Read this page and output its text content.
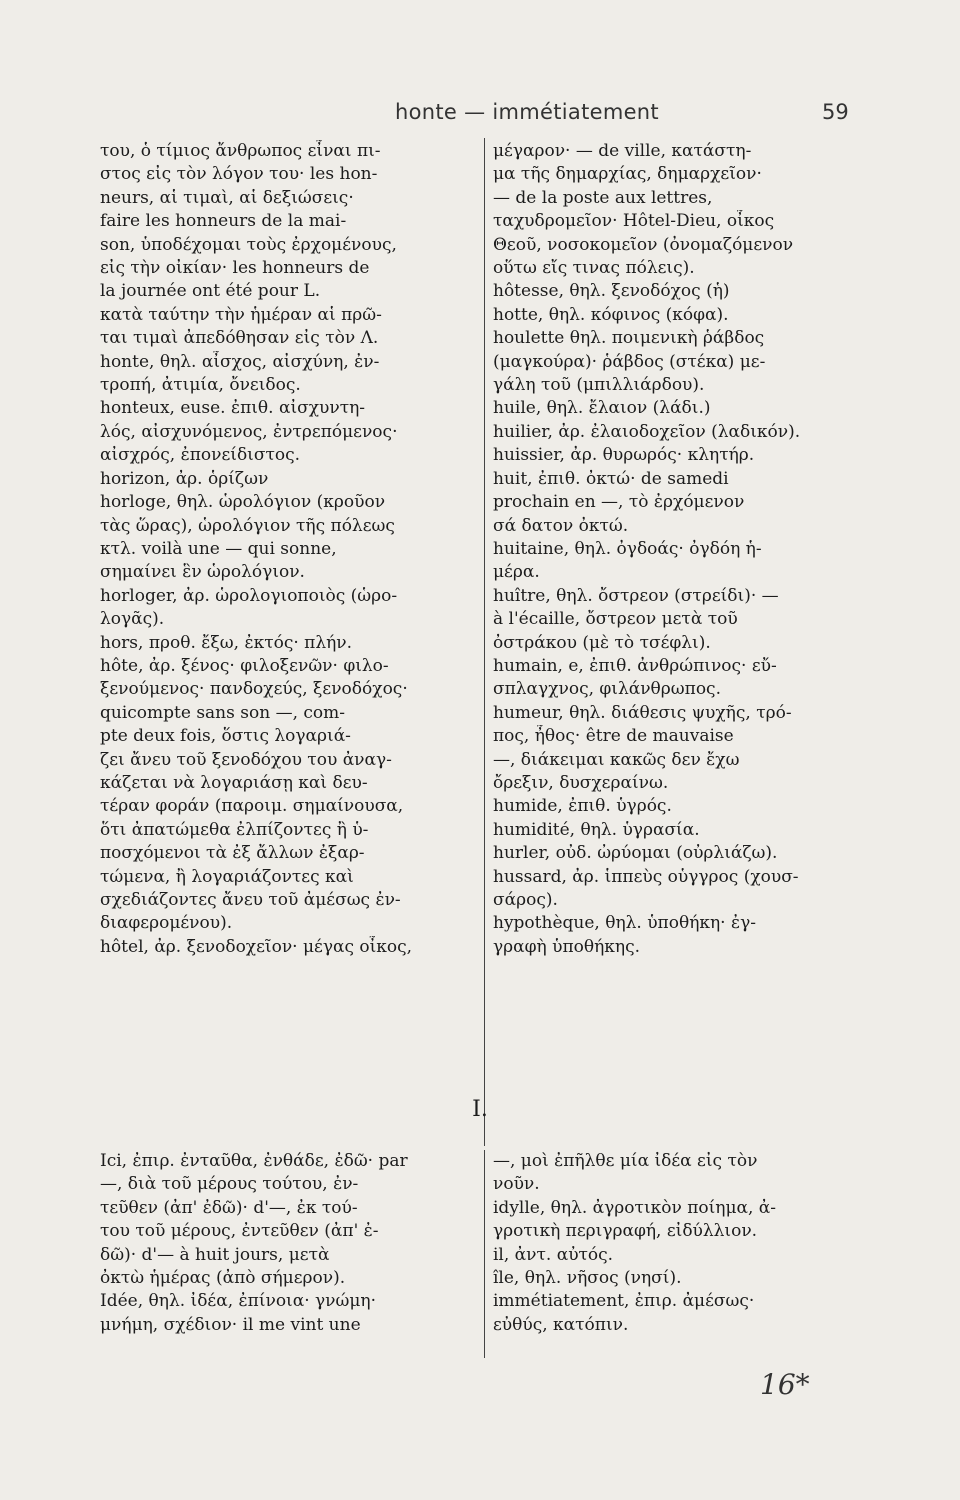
honte — immétiatement	59
του, ὁ τίμιος ἄνθρωπος εἶναι πι-
στος εἰς τὸν λόγον του· les hon-
neurs, αἱ τιμαὶ, αἱ δεξιώσεις·
faire les honneurs de la mai-
son, ὑποδέχομαι τοὺς ἐρχομένους,
εἰς τὴν οἰκίαν· les honneurs de
la journée ont été pour L.
κατὰ ταύτην τὴν ἡμέραν αἱ πρῶ-
ται τιμαὶ ἀπεδόθησαν εἰς τὸν Λ.
honte, θηλ. αἶσχος, αἰσχύνη, ἐν-
τροπή, ἀτιμία, ὄνειδος.
honteux, euse. ἐπιθ. αἰσχυντη-
λός, αἰσχυνόμενος, ἐντρεπόμενος·
αἰσχρός, ἐπονείδιστος.
horizon, ἀρ. ὁρίζων
horloge, θηλ. ὡρολόγιον (κροῦον
τὰς ὥρας), ὡρολόγιον τῆς πόλεως
κτλ. voilà une — qui sonne,
σημαίνει ἓν ὡρολόγιον.
horloger, ἀρ. ὡρολογιοποιὸς (ὡρο-
λογᾶς).
hors, προθ. ἔξω, ἐκτός· πλήν.
hôte, ἀρ. ξένος· φιλοξενῶν· φιλο-
ξενούμενος· πανδοχεύς, ξενοδόχος·
quicompte sans son —, com-
pte deux fois, ὅστις λογαριά-
ζει ἄνευ τοῦ ξενοδόχου του ἀναγ-
κάζεται νὰ λογαριάσῃ καὶ δευ-
τέραν φοράν (παροιμ. σημαίνουσα,
ὅτι ἀπατώμεθα ἐλπίζοντες ἢ ὑ-
ποσχόμενοι τὰ ἐξ ἄλλων ἐξαρ-
τώμενα, ἢ λογαριάζοντες καὶ
σχεδιάζοντες ἄνευ τοῦ ἀμέσως ἐν-
διαφερομένου).
hôtel, ἀρ. ξενοδοχεῖον· μέγας οἶκος,
μέγαρον· — de ville, κατάστη-
μα τῆς δημαρχίας, δημαρχεῖον·
— de la poste aux lettres,
ταχυδρομεῖον· Hôtel-Dieu, οἶκος
Θεοῦ, νοσοκομεῖον (ὀνομαζόμενον
οὕτω εἴς τινας πόλεις).
hôtesse, θηλ. ξενοδόχος (ἡ)
hotte, θηλ. κόφινος (κόφα).
houlette θηλ. ποιμενικὴ ῥάβδος
(μαγκούρα)· ῥάβδος (στέκα) με-
γάλη τοῦ (μπιλλιάρδου).
huile, θηλ. ἔλαιον (λάδι.)
huilier, ἀρ. ἐλαιοδοχεῖον (λαδικόν).
huissier, ἀρ. θυρωρός· κλητήρ.
huit, ἐπιθ. ὀκτώ· de samedi
prochain en —, τὸ ἐρχόμενον
σά δατον ὀκτώ.
huitaine, θηλ. ὀγδοάς· ὀγδόη ἡ-
μέρα.
huître, θηλ. ὄστρεον (στρείδι)· —
à l'écaille, ὄστρεον μετὰ τοῦ
ὀστράκου (μὲ τὸ τσέφλι).
humain, e, ἐπιθ. ἀνθρώπινος· εὔ-
σπλαγχνος, φιλάνθρωπος.
humeur, θηλ. διάθεσις ψυχῆς, τρό-
πος, ἦθος· être de mauvaise
—, διάκειμαι κακῶς δεν ἔχω
ὄρεξιν, δυσχεραίνω.
humide, ἐπιθ. ὑγρός.
humidité, θηλ. ὑγρασία.
hurler, οὐδ. ὠρύομαι (οὐρλιάζω).
hussard, ἀρ. ἱππεὺς οὑγγρος (χουσ-
σάρος).
hypothèque, θηλ. ὑποθήκη· ἐγ-
γραφὴ ὑποθήκης.
I.
Ici, ἐπιρ. ἐνταῦθα, ἐνθάδε, ἐδῶ· par
—, διὰ τοῦ μέρους τούτου, ἐν-
τεῦθεν (ἀπ' ἐδῶ)· d'—, ἐκ τού-
του τοῦ μέρους, ἐντεῦθεν (ἀπ' ἐ-
δῶ)· d'— à huit jours, μετὰ
ὀκτὼ ἡμέρας (ἀπὸ σήμερον).
Idée, θηλ. ἰδέα, ἐπίνοια· γνώμη·
μνήμη, σχέδιον· il me vint une
—, μοὶ ἐπῆλθε μία ἰδέα εἰς τὸν
νοῦν.
idylle, θηλ. ἀγροτικὸν ποίημα, ἀ-
γροτικὴ περιγραφή, εἰδύλλιον.
il, ἀντ. αὐτός.
île, θηλ. νῆσος (νησί).
immétiatement, ἐπιρ. ἀμέσως·
εὐθύς, κατόπιν.
16*
